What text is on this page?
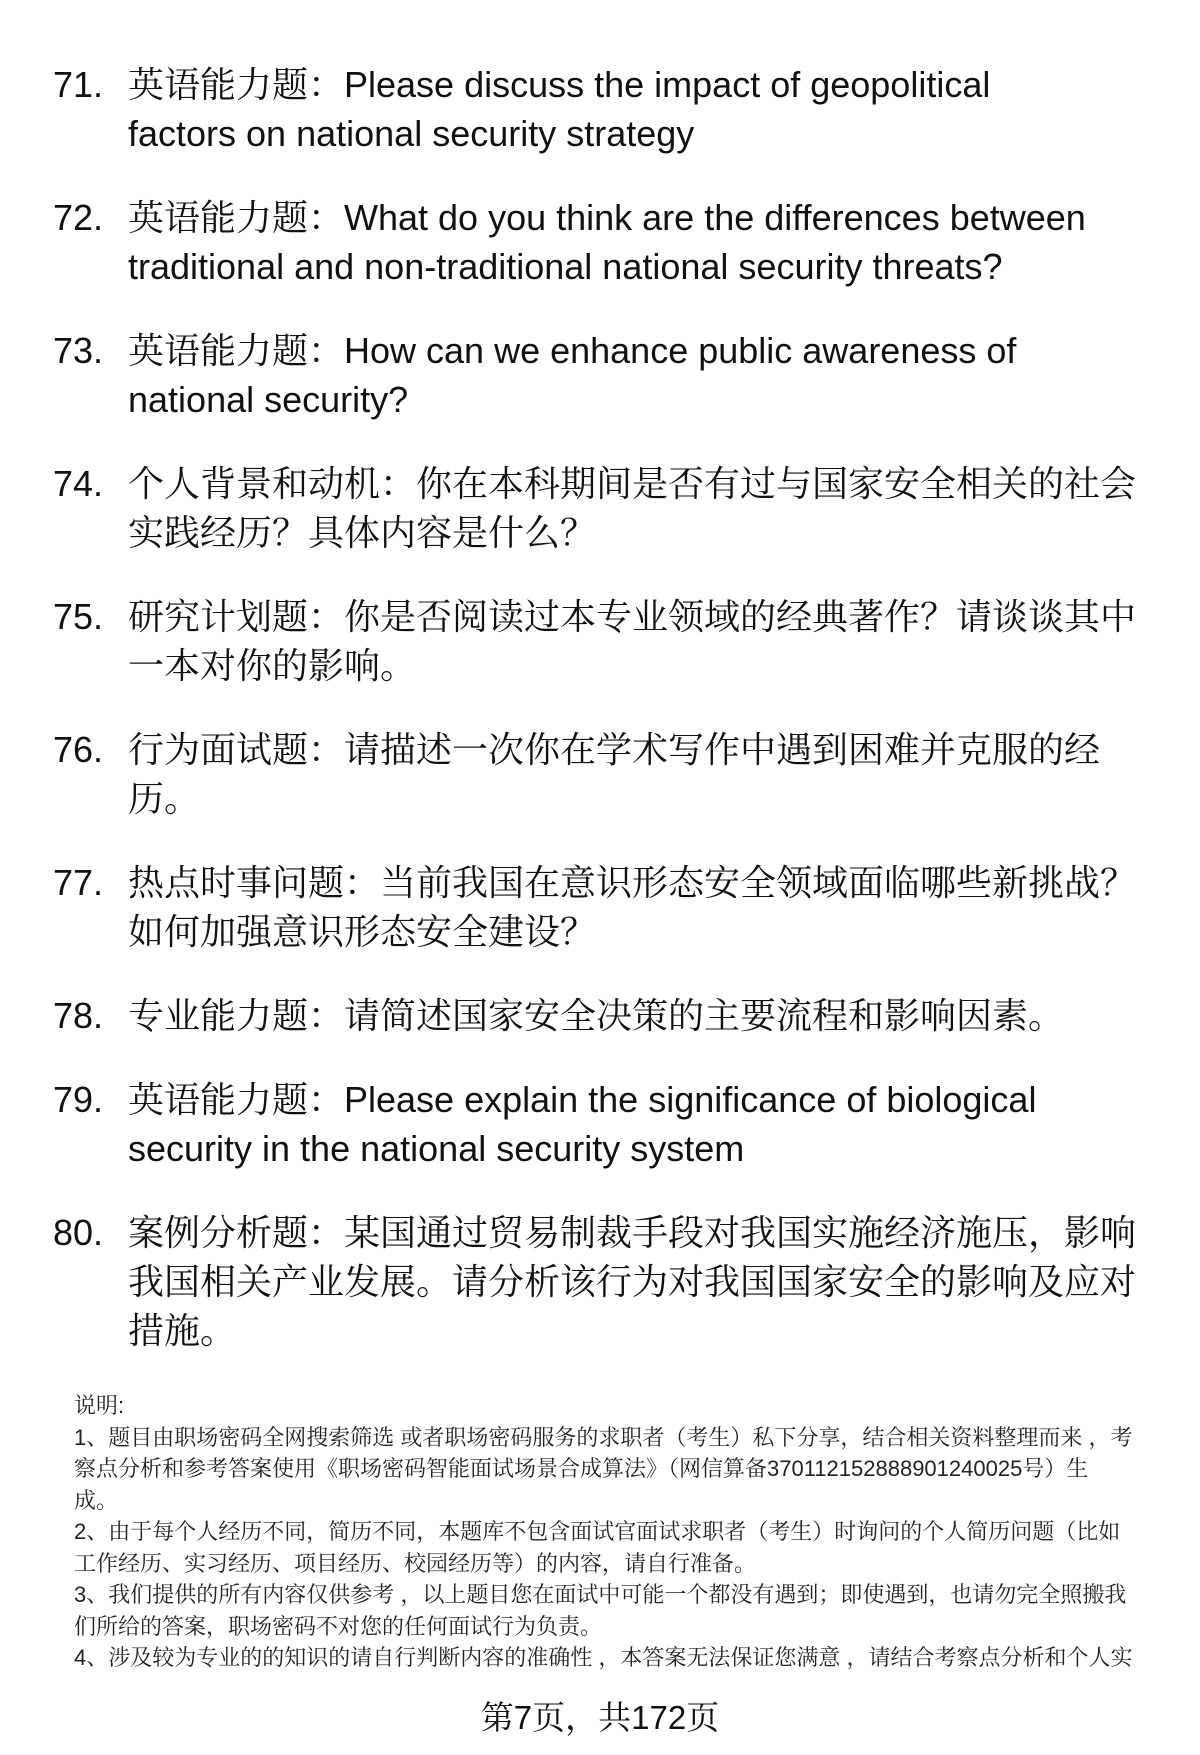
71. 英语能力题：Please discuss the impact of geopolitical
factors on national security strategy
72. 英语能力题：What do you think are the differences between
traditional and non-traditional national security threats?
73. 英语能力题：How can we enhance public awareness of
national security?
74. 个人背景和动机：你在本科期间是否有过与国家安全相关的社会
实践经历？具体内容是什么？
75. 研究计划题：你是否阅读过本专业领域的经典著作？请谈谈其中
一本对你的影响。
76. 行为面试题：请描述一次你在学术写作中遇到困难并克服的经
历。
77. 热点时事问题：当前我国在意识形态安全领域面临哪些新挑战？
如何加强意识形态安全建设？
78. 专业能力题：请简述国家安全决策的主要流程和影响因素。
79. 英语能力题：Please explain the significance of biological
security in the national security system
80. 案例分析题：某国通过贸易制裁手段对我国实施经济施压，影响
我国相关产业发展。请分析该行为对我国国家安全的影响及应对
措施。
说明:
1、题目由职场密码全网搜索筛选 或者职场密码服务的求职者（考生）私下分享，结合相关资料整理而来 ，考
察点分析和参考答案使用《职场密码智能面试场景合成算法》（网信算备370112152888901240025号）生
成。
2、由于每个人经历不同，简历不同，本题库不包含面试官面试求职者（考生）时询问的个人简历问题（比如
工作经历、实习经历、项目经历、校园经历等）的内容，请自行准备。
3、我们提供的所有内容仅供参考 ，以上题目您在面试中可能一个都没有遇到；即使遇到，也请勿完全照搬我
们所给的答案，职场密码不对您的任何面试行为负责。
4、涉及较为专业的的知识的请自行判断内容的准确性 ，本答案无法保证您满意 ，请结合考察点分析和个人实
第7页，共172页
